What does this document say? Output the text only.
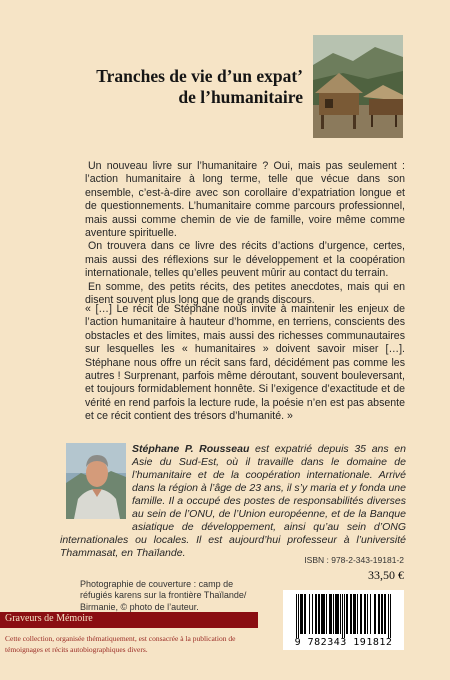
Tranches de vie d’un expat’
de l’humanitaire

Un nouveau livre sur l’humanitaire ? Oui, mais pas seulement : l’action humanitaire à long terme, telle que vécue dans son ensemble, c’est-à-dire avec son corollaire d’expatriation longue et de questionnements. L’humanitaire comme parcours professionnel, mais aussi comme chemin de vie de famille, voire même comme aventure spirituelle.

On trouvera dans ce livre des récits d’actions d’urgence, certes, mais aussi des réflexions sur le développement et la coopération internationale, telles qu’elles peuvent mûrir au contact du terrain.

En somme, des petits récits, des petites anecdotes, mais qui en disent souvent plus long que de grands discours.

« […] Le récit de Stéphane nous invite à maintenir les enjeux de l’action humanitaire à hauteur d’homme, en terriens, conscients des obstacles et des limites, mais aussi des richesses communautaires sur lesquelles les « humanitaires » doivent savoir miser […]. Stéphane nous offre un récit sans fard, décidément pas comme les autres ! Surprenant, parfois même déroutant, souvent bouleversant, et toujours formidablement honnête. Si l’exigence d’exactitude et de vérité en rend parfois la lecture rude, la poésie n’en est pas absente et ce récit contient des trésors d’humanité. »

Stéphane P. Rousseau est expatrié depuis 35 ans en Asie du Sud-Est, où il travaille dans le domaine de l’humanitaire et de la coopération internationale. Arrivé dans la région à l’âge de 23 ans, il s’y maria et y fonda une famille. Il a occupé des postes de responsabilités diverses au sein de l’ONU, de l’Union européenne, et de la Banque asiatique de développement, ainsi qu’au sein d’ONG internationales ou locales. Il est aujourd’hui professeur à l’université Thammasat, en Thaïlande.

ISBN : 978-2-343-19181-2
33,50 €

Photographie de couverture : camp de réfugiés karens sur la frontière Thaïlande/ Birmanie, © photo de l’auteur.

9 782343 191812
Graveurs de Mémoire

Cette collection, organisée thématiquement, est consacrée à la publication de témoignages et récits autobiographiques divers.
